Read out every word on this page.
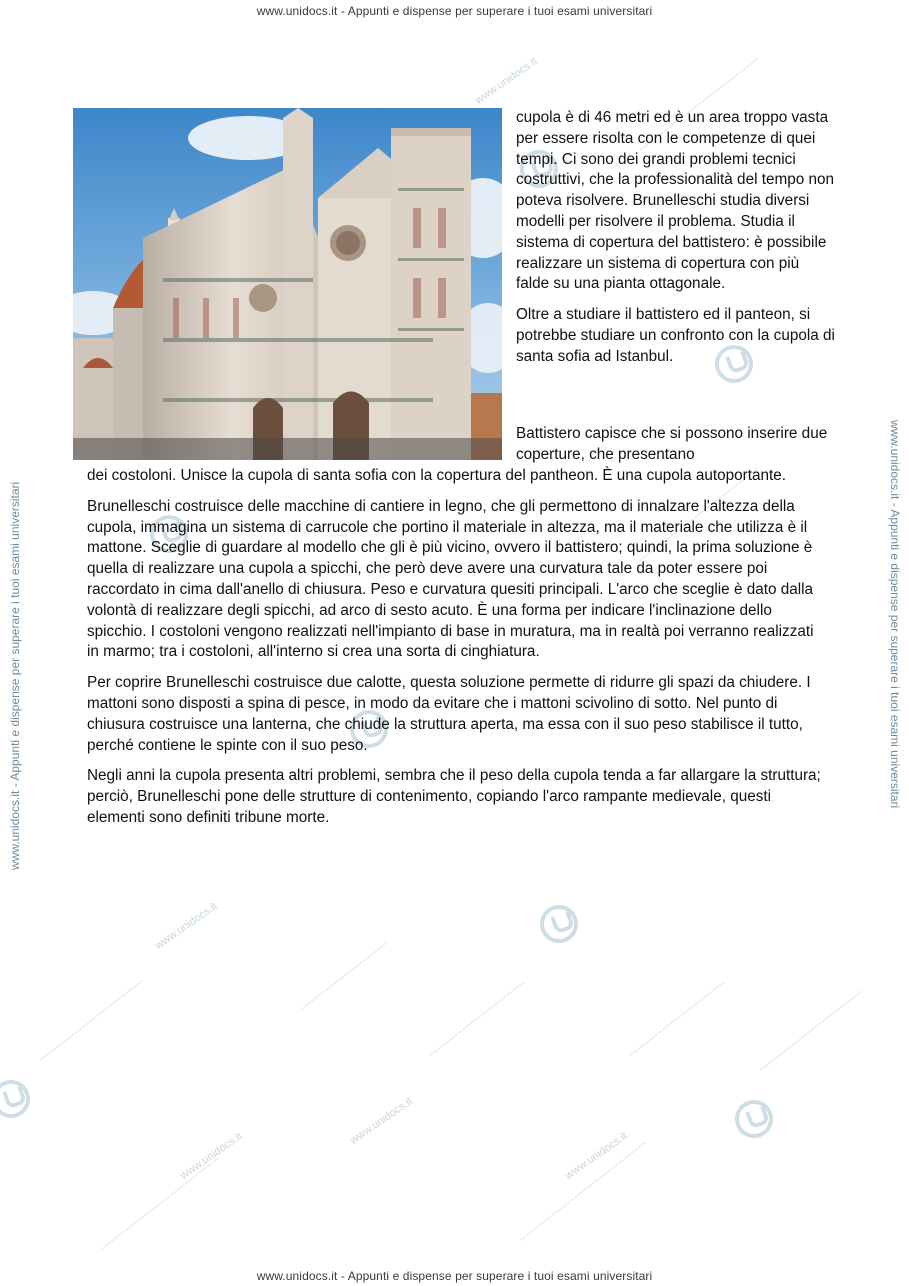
www.unidocs.it
www.unidocs.it
www.unidocs.it
www.unidocs.it
www.unidocs.it
www.unidocs.it - Appunti e dispense per superare i tuoi esami universitari
www.unidocs.it - Appunti e dispense per superare i tuoi esami universitari
www.unidocs.it - Appunti e dispense per superare i tuoi esami universitari	www.unidocs.it - Appunti e dispense per superare i tuoi esami universitari

cupola è di 46 metri ed è un area troppo vasta per essere risolta con le competenze di quei tempi. Ci sono dei grandi problemi tecnici costruttivi, che la professionalità del tempo non poteva risolvere. Brunelleschi studia diversi modelli per risolvere il problema. Studia il sistema di copertura del battistero: è possibile realizzare un sistema di copertura con più falde su una pianta ottagonale.

Oltre a studiare il battistero ed il panteon, si potrebbe studiare un confronto con la cupola di santa sofia ad Istanbul.

Battistero capisce che si possono inserire due coperture, che presentano

dei costoloni. Unisce la cupola di santa sofia con la copertura del pantheon. È una cupola autoportante.

Brunelleschi costruisce delle macchine di cantiere in legno, che gli permettono di innalzare l'altezza della cupola, immagina un sistema di carrucole che portino il materiale in altezza, ma il materiale che utilizza è il mattone. Sceglie di guardare al modello che gli è più vicino, ovvero il battistero; quindi, la prima soluzione è quella di realizzare una cupola a spicchi, che però deve avere una curvatura tale da poter essere poi raccordato in cima dall'anello di chiusura. Peso e curvatura quesiti principali. L'arco che sceglie è dato dalla volontà di realizzare degli spicchi, ad arco di sesto acuto. È una forma per indicare l'inclinazione dello spicchio. I costoloni vengono realizzati nell'impianto di base in muratura, ma in realtà poi verranno realizzati in marmo; tra i costoloni, all'interno si crea una sorta di cinghiatura.

Per coprire Brunelleschi costruisce due calotte, questa soluzione permette di ridurre gli spazi da chiudere. I mattoni sono disposti a spina di pesce, in modo da evitare che i mattoni scivolino di sotto. Nel punto di chiusura costruisce una lanterna, che chiude la struttura aperta, ma essa con il suo peso stabilisce il tutto, perché contiene le spinte con il suo peso.

Negli anni la cupola presenta altri problemi, sembra che il peso della cupola tenda a far allargare la struttura; perciò, Brunelleschi pone delle strutture di contenimento, copiando l'arco rampante medievale, questi elementi sono definiti tribune morte.
